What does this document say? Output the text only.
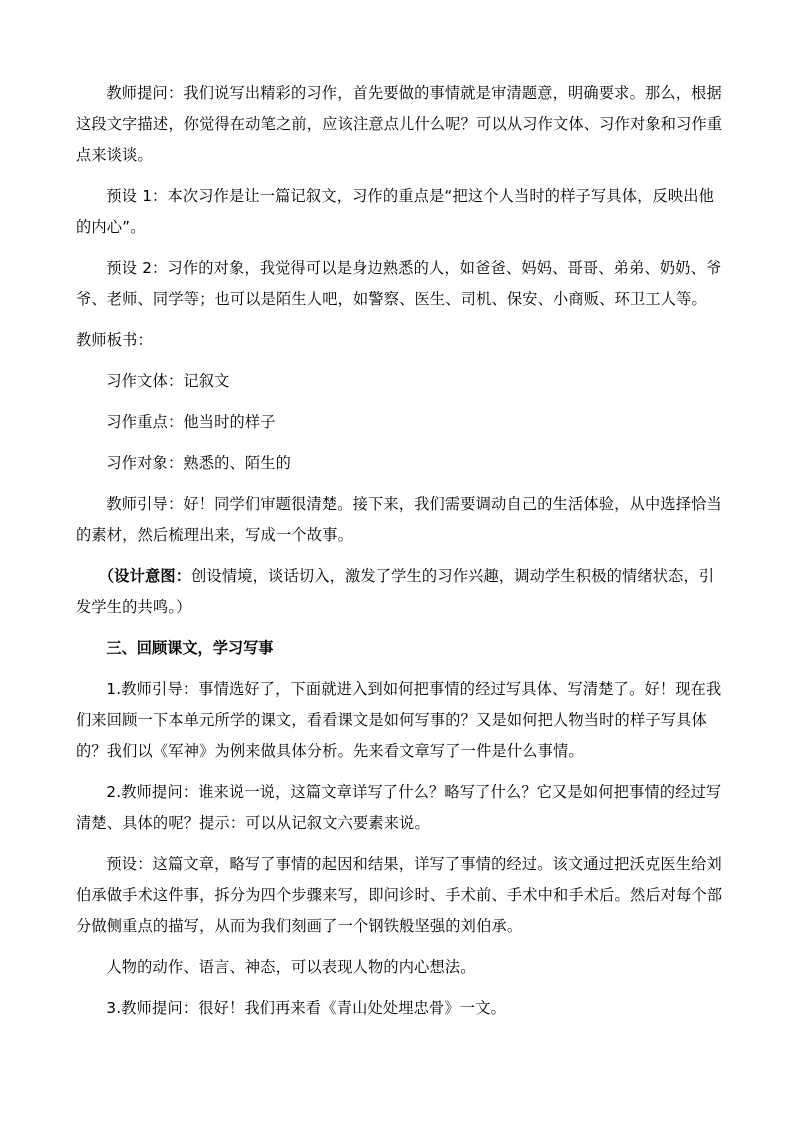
教师提问：我们说写出精彩的习作，首先要做的事情就是审清题意，明确要求。那么，根据这段文字描述，你觉得在动笔之前，应该注意点儿什么呢？可以从习作文体、习作对象和习作重点来谈谈。

预设 1：本次习作是让一篇记叙文，习作的重点是“把这个人当时的样子写具体，反映出他的内心”。

预设 2：习作的对象，我觉得可以是身边熟悉的人，如爸爸、妈妈、哥哥、弟弟、奶奶、爷爷、老师、同学等；也可以是陌生人吧，如警察、医生、司机、保安、小商贩、环卫工人等。

教师板书：

习作文体：记叙文

习作重点：他当时的样子

习作对象：熟悉的、陌生的

教师引导：好！同学们审题很清楚。接下来，我们需要调动自己的生活体验，从中选择恰当的素材，然后梳理出来，写成一个故事。

（设计意图：创设情境，谈话切入，激发了学生的习作兴趣，调动学生积极的情绪状态，引发学生的共鸣。）

三、回顾课文，学习写事

1.教师引导：事情选好了，下面就进入到如何把事情的经过写具体、写清楚了。好！现在我们来回顾一下本单元所学的课文，看看课文是如何写事的？又是如何把人物当时的样子写具体的？我们以《军神》为例来做具体分析。先来看文章写了一件是什么事情。

2.教师提问：谁来说一说，这篇文章详写了什么？略写了什么？它又是如何把事情的经过写清楚、具体的呢？提示：可以从记叙文六要素来说。

预设：这篇文章，略写了事情的起因和结果，详写了事情的经过。该文通过把沃克医生给刘伯承做手术这件事，拆分为四个步骤来写，即问诊时、手术前、手术中和手术后。然后对每个部分做侧重点的描写，从而为我们刻画了一个钢铁般坚强的刘伯承。

人物的动作、语言、神态，可以表现人物的内心想法。

3.教师提问：很好！我们再来看《青山处处埋忠骨》一文。
